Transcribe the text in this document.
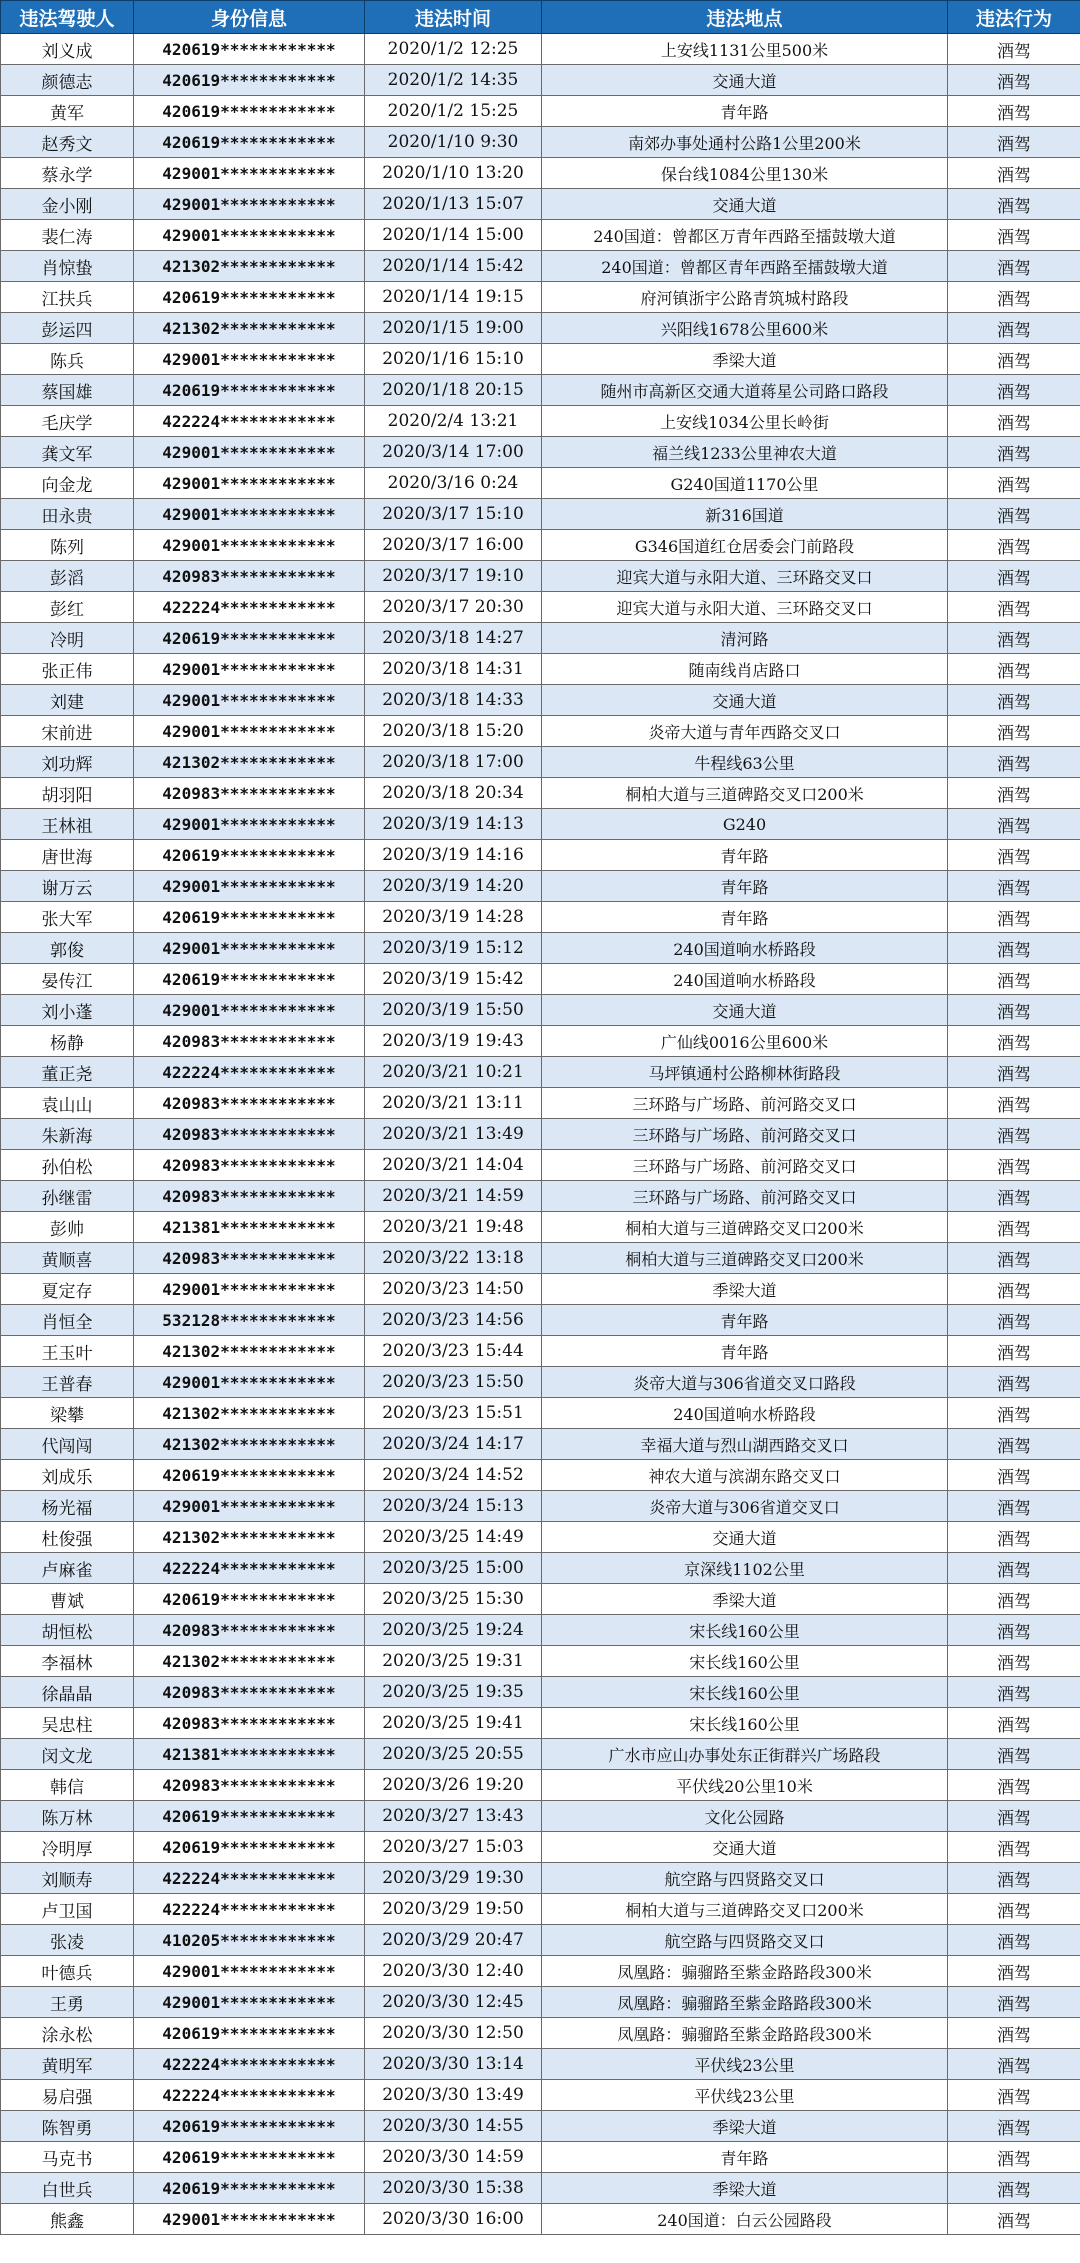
违法驾驶人	身份信息	违法时间	违法地点	违法行为
刘义成	420619************	2020/1/2 12:25	上安线1131公里500米	酒驾
颜德志	420619************	2020/1/2 14:35	交通大道	酒驾
黄军	420619************	2020/1/2 15:25	青年路	酒驾
赵秀文	420619************	2020/1/10 9:30	南郊办事处通村公路1公里200米	酒驾
蔡永学	429001************	2020/1/10 13:20	保台线1084公里130米	酒驾
金小刚	429001************	2020/1/13 15:07	交通大道	酒驾
裴仁涛	429001************	2020/1/14 15:00	240国道：曾都区万青年西路至擂鼓墩大道	酒驾
肖惊蛰	421302************	2020/1/14 15:42	240国道：曾都区青年西路至擂鼓墩大道	酒驾
江扶兵	420619************	2020/1/14 19:15	府河镇浙宇公路青筑城村路段	酒驾
彭运四	421302************	2020/1/15 19:00	兴阳线1678公里600米	酒驾
陈兵	429001************	2020/1/16 15:10	季梁大道	酒驾
蔡国雄	420619************	2020/1/18 20:15	随州市高新区交通大道蒋星公司路口路段	酒驾
毛庆学	422224************	2020/2/4 13:21	上安线1034公里长岭街	酒驾
龚文军	429001************	2020/3/14 17:00	福兰线1233公里神农大道	酒驾
向金龙	429001************	2020/3/16 0:24	G240国道1170公里	酒驾
田永贵	429001************	2020/3/17 15:10	新316国道	酒驾
陈列	429001************	2020/3/17 16:00	G346国道红仓居委会门前路段	酒驾
彭滔	420983************	2020/3/17 19:10	迎宾大道与永阳大道、三环路交叉口	酒驾
彭红	422224************	2020/3/17 20:30	迎宾大道与永阳大道、三环路交叉口	酒驾
冷明	420619************	2020/3/18 14:27	清河路	酒驾
张正伟	429001************	2020/3/18 14:31	随南线肖店路口	酒驾
刘建	429001************	2020/3/18 14:33	交通大道	酒驾
宋前进	429001************	2020/3/18 15:20	炎帝大道与青年西路交叉口	酒驾
刘功辉	421302************	2020/3/18 17:00	牛程线63公里	酒驾
胡羽阳	420983************	2020/3/18 20:34	桐柏大道与三道碑路交叉口200米	酒驾
王林祖	429001************	2020/3/19 14:13	G240	酒驾
唐世海	420619************	2020/3/19 14:16	青年路	酒驾
谢万云	429001************	2020/3/19 14:20	青年路	酒驾
张大军	420619************	2020/3/19 14:28	青年路	酒驾
郭俊	429001************	2020/3/19 15:12	240国道响水桥路段	酒驾
晏传江	420619************	2020/3/19 15:42	240国道响水桥路段	酒驾
刘小蓬	429001************	2020/3/19 15:50	交通大道	酒驾
杨静	420983************	2020/3/19 19:43	广仙线0016公里600米	酒驾
董正尧	422224************	2020/3/21 10:21	马坪镇通村公路柳林街路段	酒驾
袁山山	420983************	2020/3/21 13:11	三环路与广场路、前河路交叉口	酒驾
朱新海	420983************	2020/3/21 13:49	三环路与广场路、前河路交叉口	酒驾
孙伯松	420983************	2020/3/21 14:04	三环路与广场路、前河路交叉口	酒驾
孙继雷	420983************	2020/3/21 14:59	三环路与广场路、前河路交叉口	酒驾
彭帅	421381************	2020/3/21 19:48	桐柏大道与三道碑路交叉口200米	酒驾
黄顺喜	420983************	2020/3/22 13:18	桐柏大道与三道碑路交叉口200米	酒驾
夏定存	429001************	2020/3/23 14:50	季梁大道	酒驾
肖恒全	532128************	2020/3/23 14:56	青年路	酒驾
王玉叶	421302************	2020/3/23 15:44	青年路	酒驾
王普春	429001************	2020/3/23 15:50	炎帝大道与306省道交叉口路段	酒驾
梁攀	421302************	2020/3/23 15:51	240国道响水桥路段	酒驾
代闯闯	421302************	2020/3/24 14:17	幸福大道与烈山湖西路交叉口	酒驾
刘成乐	420619************	2020/3/24 14:52	神农大道与滨湖东路交叉口	酒驾
杨光福	429001************	2020/3/24 15:13	炎帝大道与306省道交叉口	酒驾
杜俊强	421302************	2020/3/25 14:49	交通大道	酒驾
卢麻雀	422224************	2020/3/25 15:00	京深线1102公里	酒驾
曹斌	420619************	2020/3/25 15:30	季梁大道	酒驾
胡恒松	420983************	2020/3/25 19:24	宋长线160公里	酒驾
李福林	421302************	2020/3/25 19:31	宋长线160公里	酒驾
徐晶晶	420983************	2020/3/25 19:35	宋长线160公里	酒驾
吴忠柱	420983************	2020/3/25 19:41	宋长线160公里	酒驾
闵文龙	421381************	2020/3/25 20:55	广水市应山办事处东正街群兴广场路段	酒驾
韩信	420983************	2020/3/26 19:20	平伏线20公里10米	酒驾
陈万林	420619************	2020/3/27 13:43	文化公园路	酒驾
冷明厚	420619************	2020/3/27 15:03	交通大道	酒驾
刘顺寿	422224************	2020/3/29 19:30	航空路与四贤路交叉口	酒驾
卢卫国	422224************	2020/3/29 19:50	桐柏大道与三道碑路交叉口200米	酒驾
张凌	410205************	2020/3/29 20:47	航空路与四贤路交叉口	酒驾
叶德兵	429001************	2020/3/30 12:40	凤凰路：骟骝路至紫金路路段300米	酒驾
王勇	429001************	2020/3/30 12:45	凤凰路：骟骝路至紫金路路段300米	酒驾
涂永松	420619************	2020/3/30 12:50	凤凰路：骟骝路至紫金路路段300米	酒驾
黄明军	422224************	2020/3/30 13:14	平伏线23公里	酒驾
易启强	422224************	2020/3/30 13:49	平伏线23公里	酒驾
陈智勇	420619************	2020/3/30 14:55	季梁大道	酒驾
马克书	420619************	2020/3/30 14:59	青年路	酒驾
白世兵	420619************	2020/3/30 15:38	季梁大道	酒驾
熊鑫	429001************	2020/3/30 16:00	240国道：白云公园路段	酒驾
